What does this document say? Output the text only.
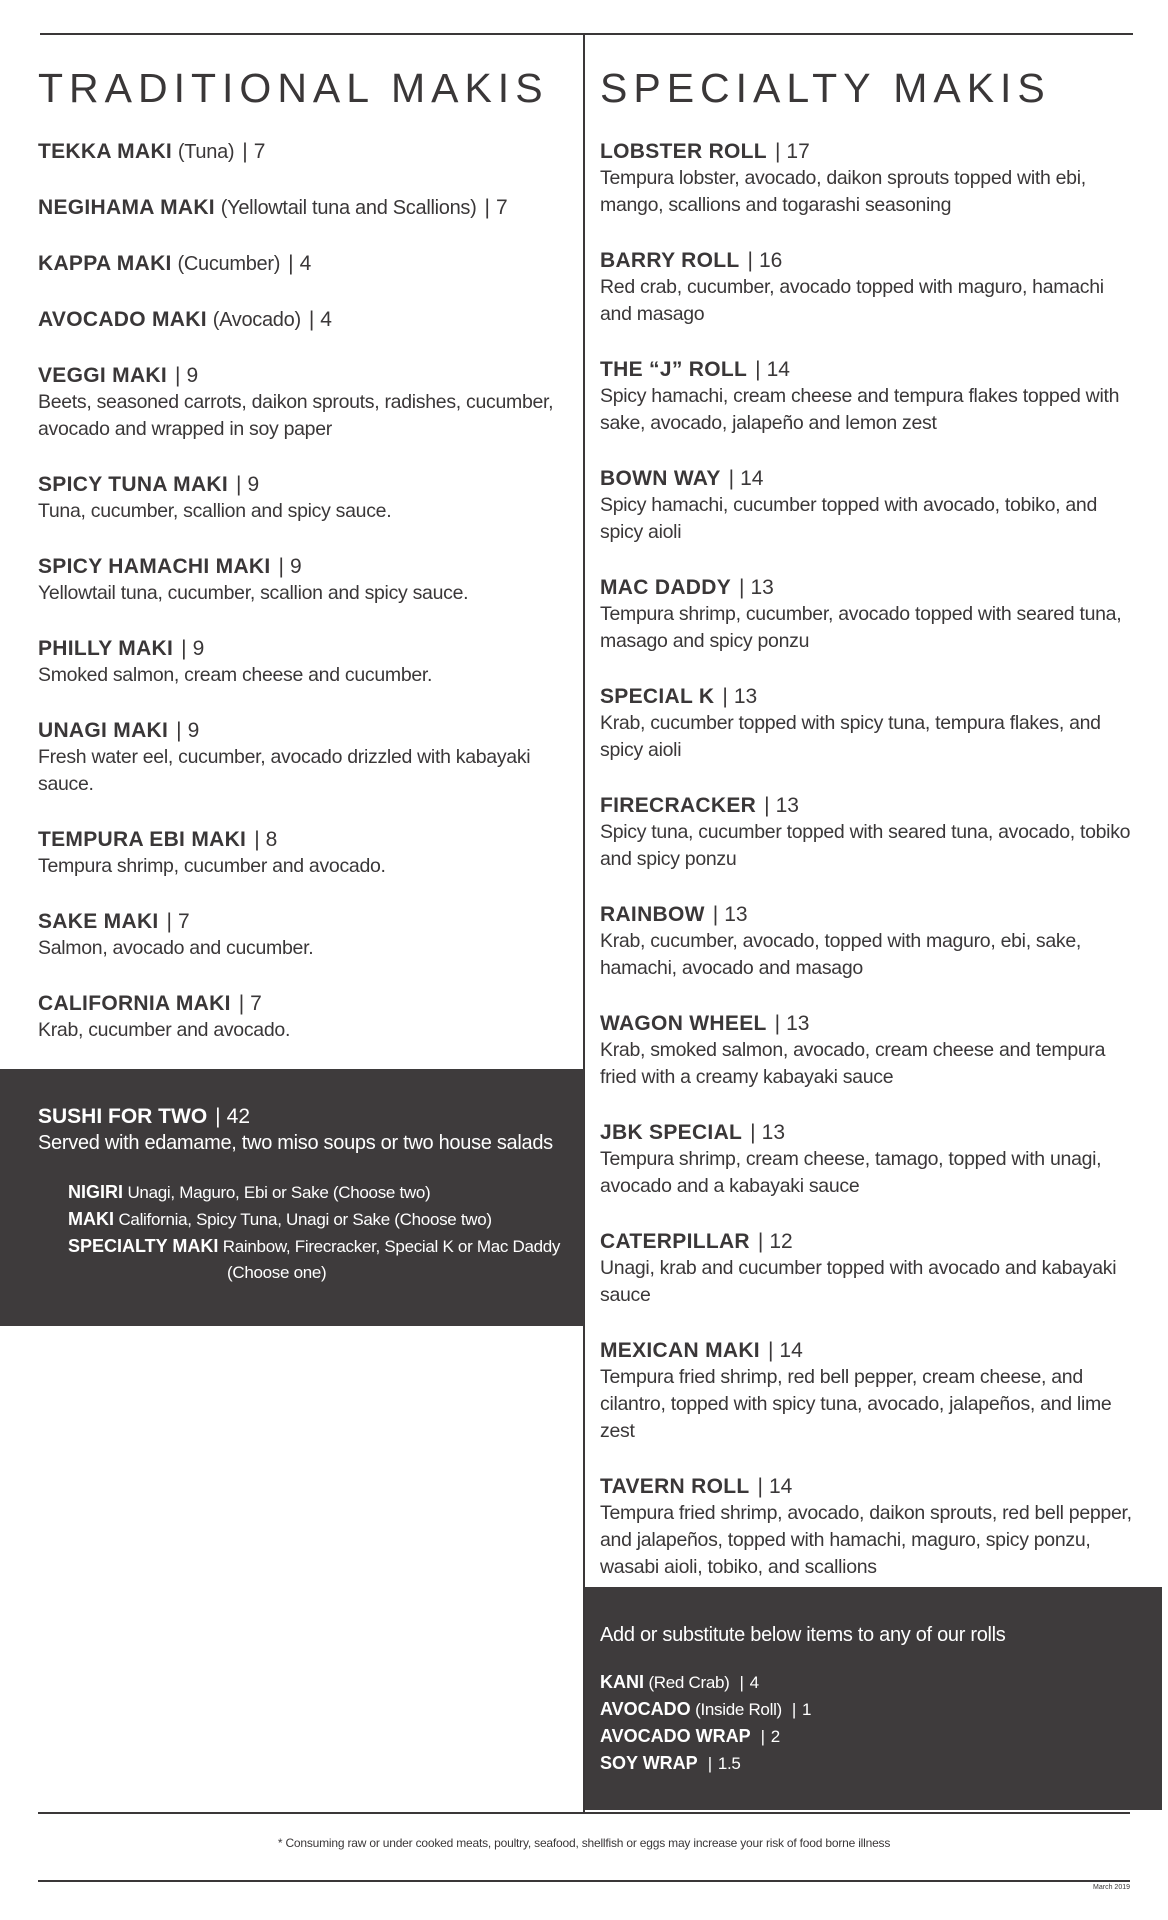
TRADITIONAL MAKIS
TEKKA MAKI (Tuna) | 7
NEGIHAMA MAKI (Yellowtail tuna and Scallions) | 7
KAPPA MAKI (Cucumber) | 4
AVOCADO MAKI (Avocado) | 4
VEGGI MAKI | 9
Beets, seasoned carrots, daikon sprouts, radishes, cucumber, avocado and wrapped in soy paper
SPICY TUNA MAKI | 9
Tuna, cucumber, scallion and spicy sauce.
SPICY HAMACHI MAKI | 9
Yellowtail tuna, cucumber, scallion and spicy sauce.
PHILLY MAKI | 9
Smoked salmon, cream cheese and cucumber.
UNAGI MAKI | 9
Fresh water eel, cucumber, avocado drizzled with kabayaki sauce.
TEMPURA EBI MAKI | 8
Tempura shrimp, cucumber and avocado.
SAKE MAKI | 7
Salmon, avocado and cucumber.
CALIFORNIA MAKI | 7
Krab, cucumber and avocado.
SPECIALTY MAKIS
LOBSTER ROLL | 17
Tempura lobster, avocado, daikon sprouts topped with ebi, mango, scallions and togarashi seasoning
BARRY ROLL | 16
Red crab, cucumber, avocado topped with maguro, hamachi and masago
THE “J” ROLL | 14
Spicy hamachi, cream cheese and tempura flakes topped with sake, avocado, jalapeño and lemon zest
BOWN WAY | 14
Spicy hamachi, cucumber topped with avocado, tobiko, and spicy aioli
MAC DADDY | 13
Tempura shrimp, cucumber, avocado topped with seared tuna, masago and spicy ponzu
SPECIAL K | 13
Krab, cucumber topped with spicy tuna, tempura flakes, and spicy aioli
FIRECRACKER | 13
Spicy tuna, cucumber topped with seared tuna, avocado, tobiko and spicy ponzu
RAINBOW | 13
Krab, cucumber, avocado, topped with maguro, ebi, sake, hamachi, avocado and masago
WAGON WHEEL | 13
Krab, smoked salmon, avocado, cream cheese and tempura fried with a creamy kabayaki sauce
JBK SPECIAL | 13
Tempura shrimp, cream cheese, tamago, topped with unagi, avocado and a kabayaki sauce
CATERPILLAR | 12
Unagi, krab and cucumber topped with avocado and kabayaki sauce
MEXICAN MAKI | 14
Tempura fried shrimp, red bell pepper, cream cheese, and cilantro, topped with spicy tuna, avocado, jalapeños, and lime zest
TAVERN ROLL | 14
Tempura fried shrimp, avocado, daikon sprouts, red bell pepper, and jalapeños, topped with hamachi, maguro, spicy ponzu, wasabi aioli, tobiko, and scallions
SUSHI FOR TWO | 42
Served with edamame, two miso soups or two house salads
NIGIRI Unagi, Maguro, Ebi or Sake (Choose two)
MAKI California, Spicy Tuna, Unagi or Sake (Choose two)
SPECIALTY MAKI Rainbow, Firecracker, Special K or Mac Daddy
(Choose one)
Add or substitute below items to any of our rolls
KANI (Red Crab) | 4
AVOCADO (Inside Roll) | 1
AVOCADO WRAP | 2
SOY WRAP | 1.5
* Consuming raw or under cooked meats, poultry, seafood, shellfish or eggs may increase your risk of food borne illness
March 2019
